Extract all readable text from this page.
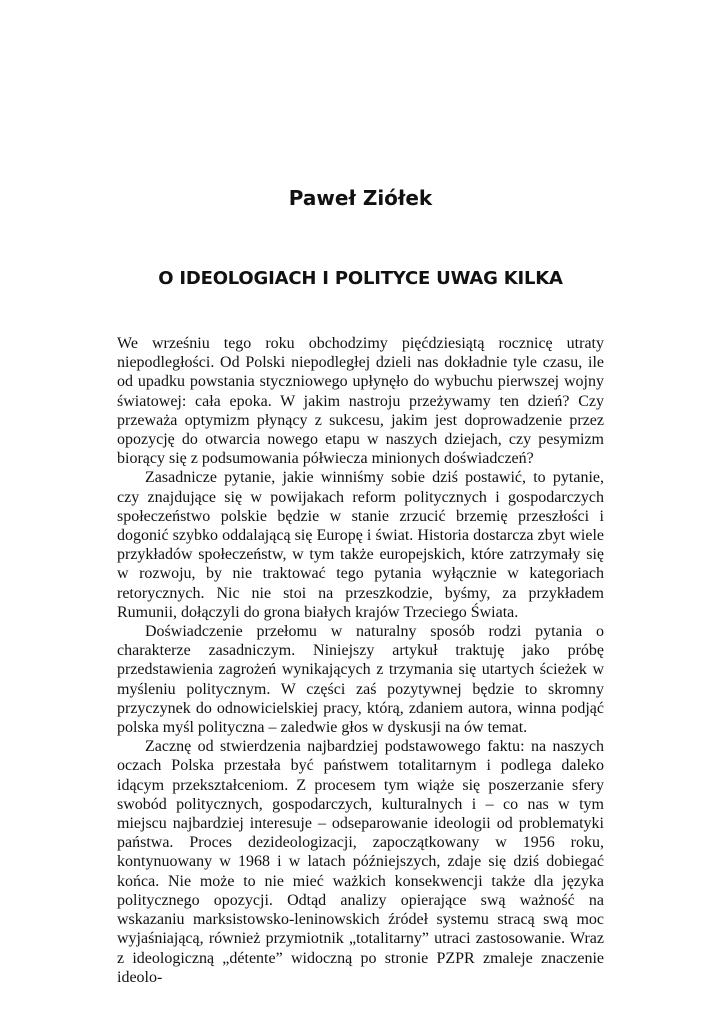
Paweł Ziółek
O IDEOLOGIACH I POLITYCE UWAG KILKA

We wrześniu tego roku obchodzimy pięćdziesiątą rocznicę utraty niepodległości. Od Polski niepodległej dzieli nas dokładnie tyle czasu, ile od upadku powstania styczniowego upłynęło do wybuchu pierwszej wojny światowej: cała epoka. W jakim nastroju przeżywamy ten dzień? Czy przeważa optymizm płynący z sukcesu, jakim jest doprowadzenie przez opozycję do otwarcia nowego etapu w naszych dziejach, czy pesymizm biorący się z podsumowania półwiecza minionych doświadczeń?

Zasadnicze pytanie, jakie winniśmy sobie dziś postawić, to pytanie, czy znajdujące się w powijakach reform politycznych i gospodarczych społeczeństwo polskie będzie w stanie zrzucić brzemię przeszłości i dogonić szybko oddalającą się Europę i świat. Historia dostarcza zbyt wiele przykładów społeczeństw, w tym także europejskich, które zatrzymały się w rozwoju, by nie traktować tego pytania wyłącznie w kategoriach retorycznych. Nic nie stoi na przeszkodzie, byśmy, za przykładem Rumunii, dołączyli do grona białych krajów Trzeciego Świata.

Doświadczenie przełomu w naturalny sposób rodzi pytania o charakterze zasadniczym. Niniejszy artykuł traktuję jako próbę przedstawienia zagrożeń wynikających z trzymania się utartych ścieżek w myśleniu politycznym. W części zaś pozytywnej będzie to skromny przyczynek do odnowicielskiej pracy, którą, zdaniem autora, winna podjąć polska myśl polityczna – zaledwie głos w dyskusji na ów temat.

Zacznę od stwierdzenia najbardziej podstawowego faktu: na naszych oczach Polska przestała być państwem totalitarnym i podlega daleko idącym przekształceniom. Z procesem tym wiąże się poszerzanie sfery swobód politycznych, gospodarczych, kulturalnych i – co nas w tym miejscu najbardziej interesuje – odseparowanie ideologii od problematyki państwa. Proces dezideologizacji, zapoczątkowany w 1956 roku, kontynuowany w 1968 i w latach późniejszych, zdaje się dziś dobiegać końca. Nie może to nie mieć ważkich konsekwencji także dla języka politycznego opozycji. Odtąd analizy opierające swą ważność na wskazaniu marksistowsko-leninowskich źródeł systemu stracą swą moc wyjaśniającą, również przymiotnik „totalitarny” utraci zastosowanie. Wraz z ideologiczną „détente” widoczną po stronie PZPR zmaleje znaczenie ideolo-
